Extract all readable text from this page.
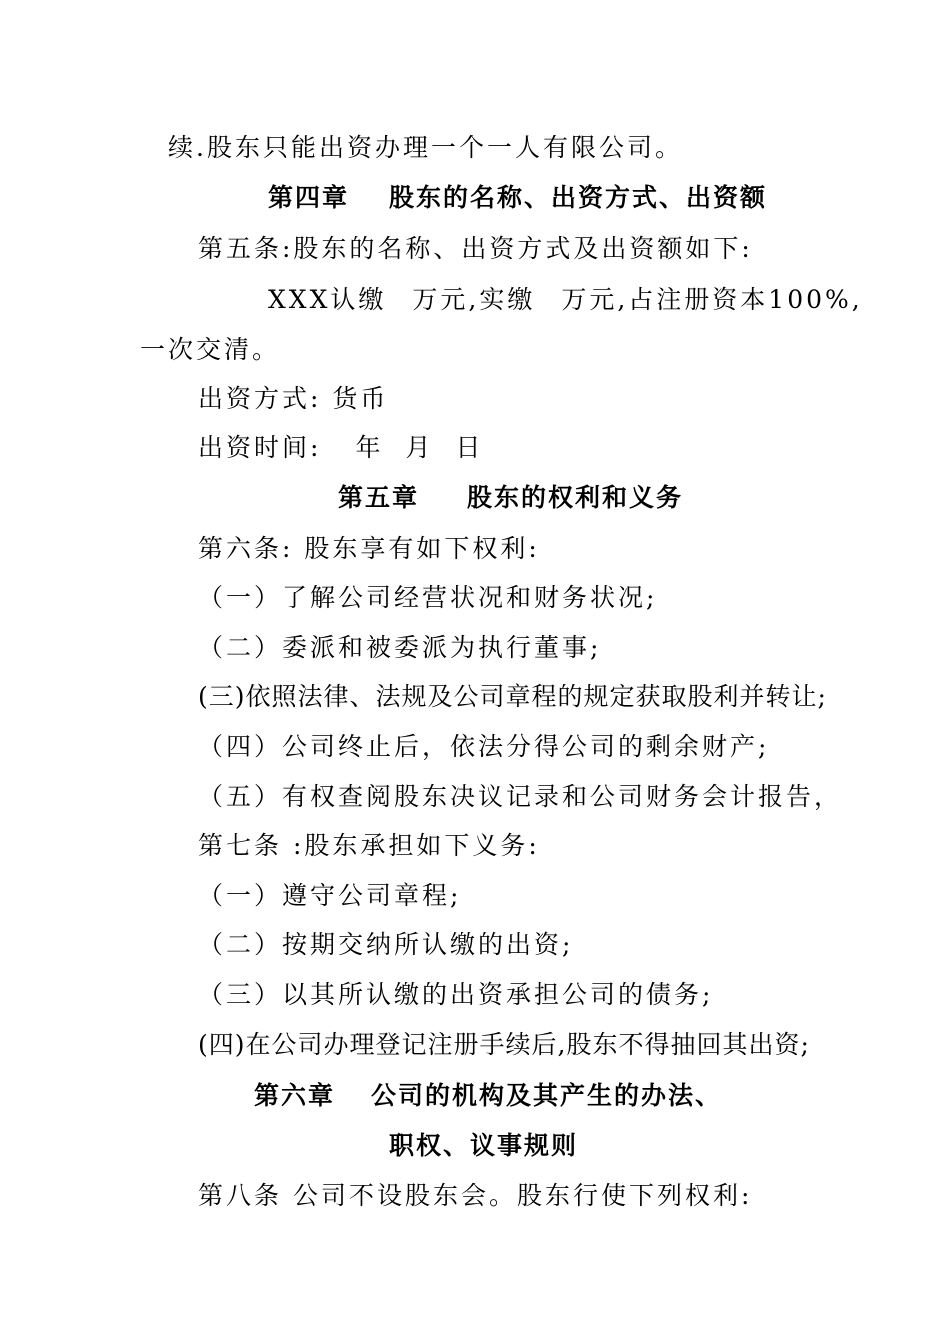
续.股东只能出资办理一个一人有限公司。
第四章 股东的名称、出资方式、出资额
第五条:股东的名称、出资方式及出资额如下:
XXX认缴 万元,实缴 万元,占注册资本100%,
一次交清。
出资方式: 货币
出资时间: 年 月 日
第五章 股东的权利和义务
第六条: 股东享有如下权利:
（一）了解公司经营状况和财务状况;
（二）委派和被委派为执行董事;
(三)依照法律、法规及公司章程的规定获取股利并转让;
（四）公司终止后，依法分得公司的剩余财产;
（五）有权查阅股东决议记录和公司财务会计报告，
第七条 :股东承担如下义务:
（一）遵守公司章程;
（二）按期交纳所认缴的出资;
（三）以其所认缴的出资承担公司的债务;
(四)在公司办理登记注册手续后,股东不得抽回其出资;
第六章 公司的机构及其产生的办法、
职权、议事规则
第八条 公司不设股东会。股东行使下列权利:
